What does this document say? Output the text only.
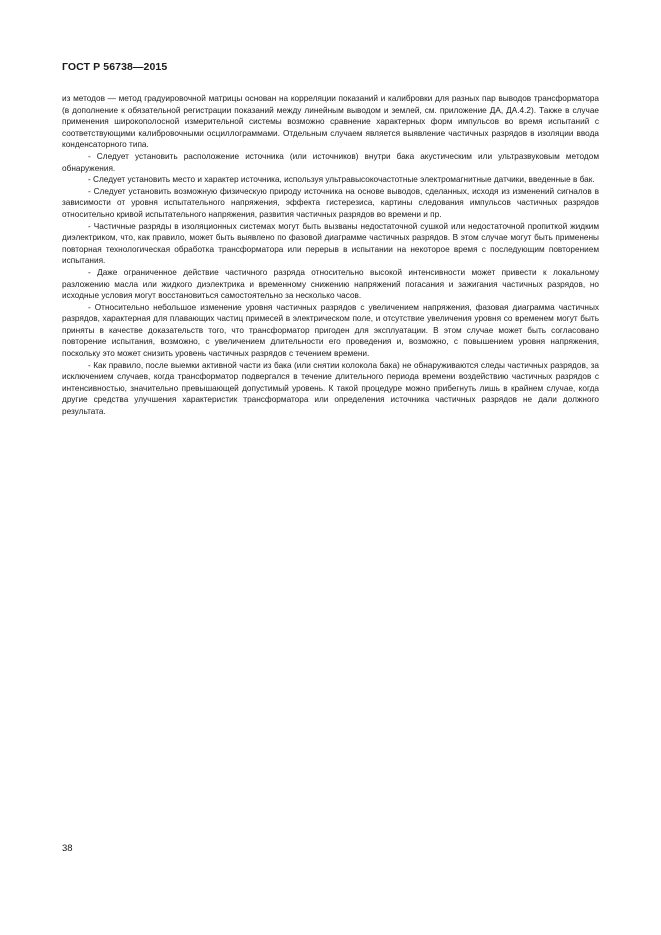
ГОСТ Р 56738—2015

из методов — метод градуировочной матрицы основан на корреляции показаний и калибровки для разных пар выводов трансформатора (в дополнение к обязательной регистрации показаний между линейным выводом и землей, см. приложение ДА, ДА.4.2). Также в случае применения широкополосной измерительной системы возможно сравнение характерных форм импульсов во время испытаний с соответствующими калибровочными осциллограммами. Отдельным случаем является выявление частичных разрядов в изоляции ввода конденсаторного типа.

- Следует установить расположение источника (или источников) внутри бака акустическим или ультразвуковым методом обнаружения.

- Следует установить место и характер источника, используя ультравысокочастотные электромагнитные датчики, введенные в бак.

- Следует установить возможную физическую природу источника на основе выводов, сделанных, исходя из изменений сигналов в зависимости от уровня испытательного напряжения, эффекта гистерезиса, картины следования импульсов частичных разрядов относительно кривой испытательного напряжения, развития частичных разрядов во времени и пр.

- Частичные разряды в изоляционных системах могут быть вызваны недостаточной сушкой или недостаточной пропиткой жидким диэлектриком, что, как правило, может быть выявлено по фазовой диаграмме частичных разрядов. В этом случае могут быть применены повторная технологическая обработка трансформатора или перерыв в испытании на некоторое время с последующим повторением испытания.

- Даже ограниченное действие частичного разряда относительно высокой интенсивности может привести к локальному разложению масла или жидкого диэлектрика и временному снижению напряжений погасания и зажигания частичных разрядов, но исходные условия могут восстановиться самостоятельно за несколько часов.

- Относительно небольшое изменение уровня частичных разрядов с увеличением напряжения, фазовая диаграмма частичных разрядов, характерная для плавающих частиц примесей в электрическом поле, и отсутствие увеличения уровня со временем могут быть приняты в качестве доказательств того, что трансформатор пригоден для эксплуатации. В этом случае может быть согласовано повторение испытания, возможно, с увеличением длительности его проведения и, возможно, с повышением уровня напряжения, поскольку это может снизить уровень частичных разрядов с течением времени.

- Как правило, после выемки активной части из бака (или снятии колокола бака) не обнаруживаются следы частичных разрядов, за исключением случаев, когда трансформатор подвергался в течение длительного периода времени воздействию частичных разрядов с интенсивностью, значительно превышающей допустимый уровень. К такой процедуре можно прибегнуть лишь в крайнем случае, когда другие средства улучшения характеристик трансформатора или определения источника частичных разрядов не дали должного результата.

38
